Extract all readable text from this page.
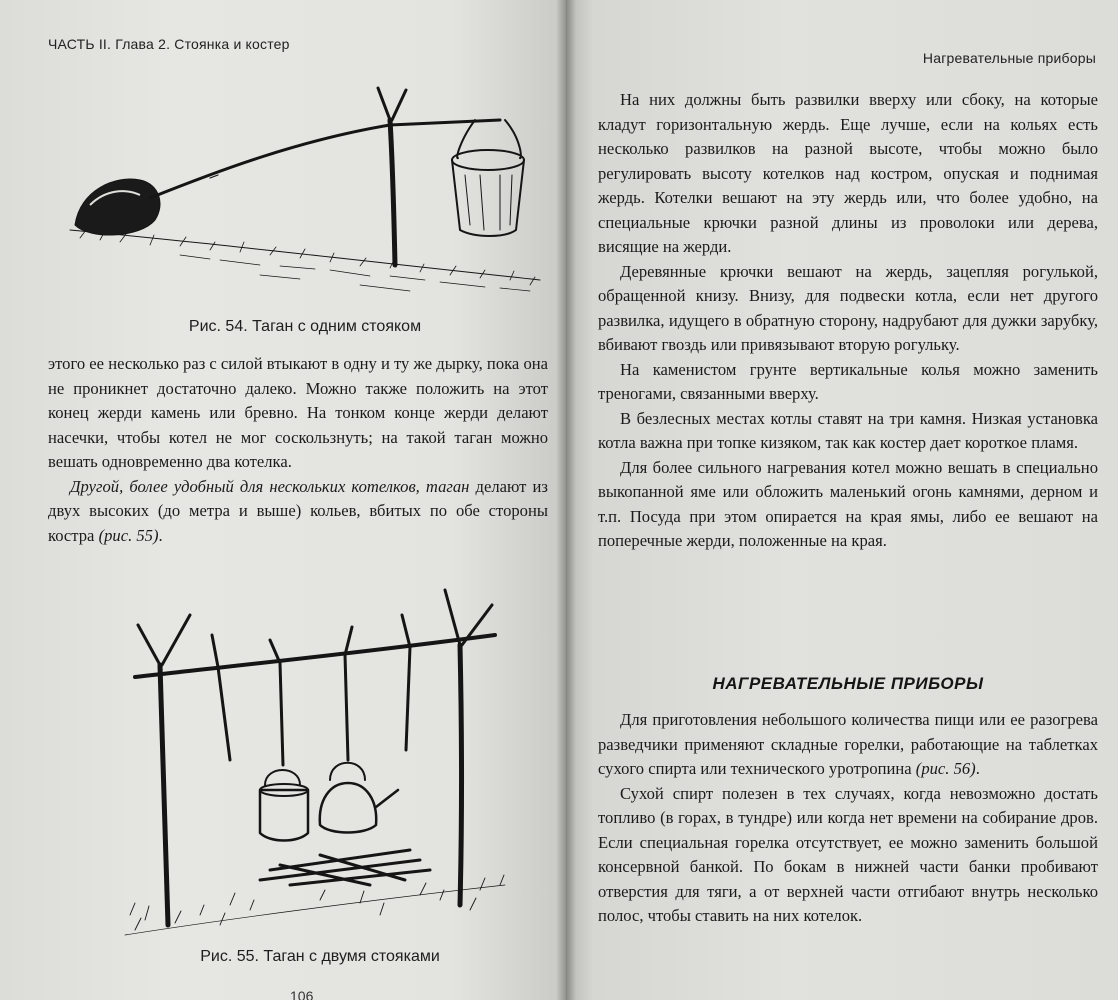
ЧАСТЬ II. Глава 2. Стоянка и костер
Рис. 54. Таган с одним стояком

этого ее несколько раз с силой втыкают в одну и ту же дырку, пока она не проникнет достаточно далеко. Можно также положить на этот конец жерди камень или бревно. На тонком конце жерди делают насечки, чтобы котел не мог соскользнуть; на такой таган можно вешать одновременно два котелка.

Другой, более удобный для нескольких котелков, таган делают из двух высоких (до метра и выше) кольев, вбитых по обе стороны костра (рис. 55).

Рис. 55. Таган с двумя стояками
Нагревательные приборы

На них должны быть развилки вверху или сбоку, на которые кладут горизонтальную жердь. Еще лучше, если на кольях есть несколько развилков на разной высоте, чтобы можно было регулировать высоту котелков над костром, опуская и поднимая жердь. Котелки вешают на эту жердь или, что более удобно, на специальные крючки разной длины из проволоки или дерева, висящие на жерди.

Деревянные крючки вешают на жердь, зацепляя рогулькой, обращенной книзу. Внизу, для подвески котла, если нет другого развилка, идущего в обратную сторону, надрубают для дужки зарубку, вбивают гвоздь или привязывают вторую рогульку.

На каменистом грунте вертикальные колья можно заменить треногами, связанными вверху.

В безлесных местах котлы ставят на три камня. Низкая установка котла важна при топке кизяком, так как костер дает короткое пламя.

Для более сильного нагревания котел можно вешать в специально выкопанной яме или обложить маленький огонь камнями, дерном и т.п. Посуда при этом опирается на края ямы, либо ее вешают на поперечные жерди, положенные на края.

НАГРЕВАТЕЛЬНЫЕ ПРИБОРЫ

Для приготовления небольшого количества пищи или ее разогрева разведчики применяют складные горелки, работающие на таблетках сухого спирта или технического уротропина (рис. 56).

Сухой спирт полезен в тех случаях, когда невозможно достать топливо (в горах, в тундре) или когда нет времени на собирание дров. Если специальная горелка отсутствует, ее можно заменить большой консервной банкой. По бокам в нижней части банки пробивают отверстия для тяги, а от верхней части отгибают внутрь несколько полос, чтобы ставить на них котелок.

106
